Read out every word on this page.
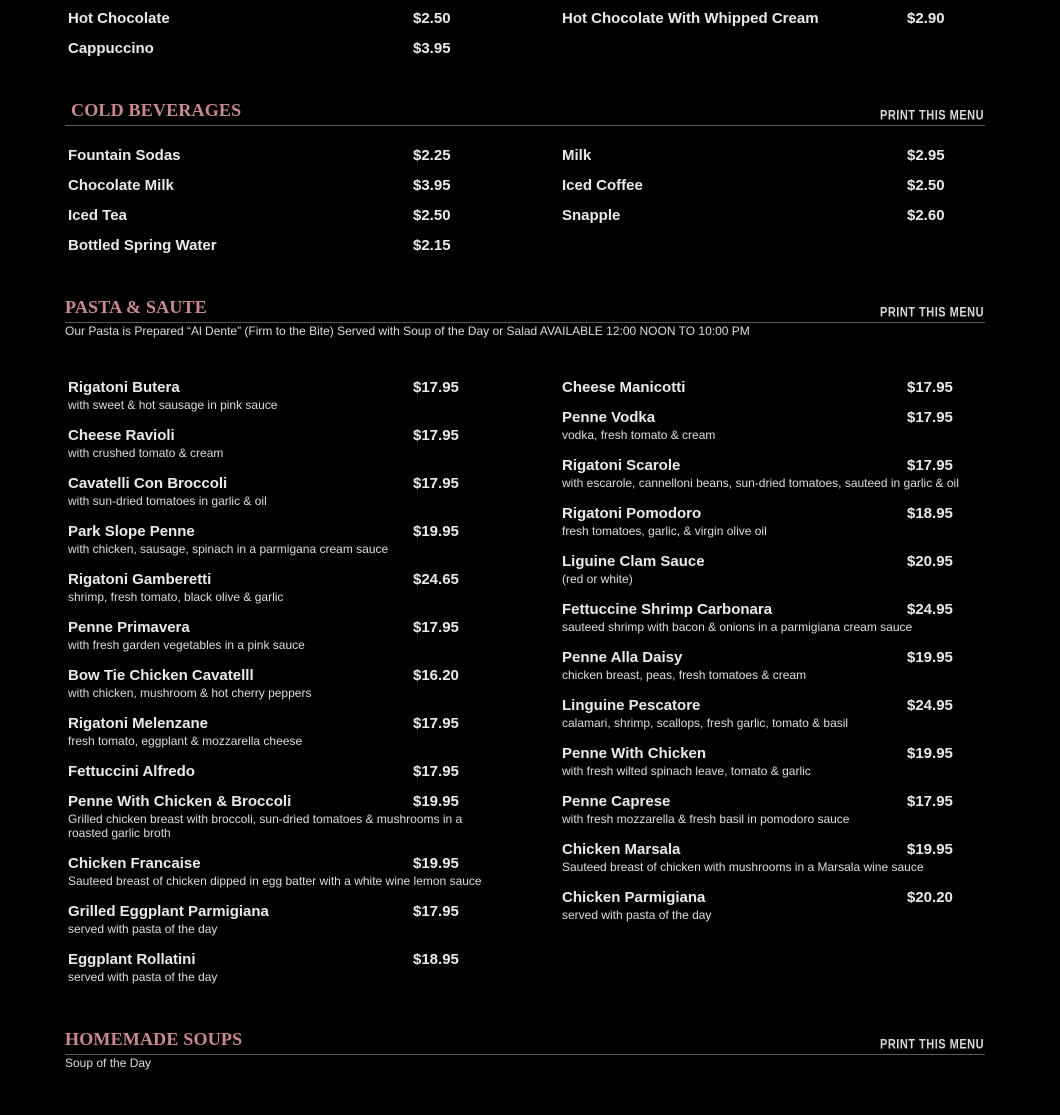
Hot Chocolate	$2.50	Hot Chocolate With Whipped Cream	$2.90
Cappuccino	$3.95
COLD BEVERAGES	PRINT THIS MENU
Fountain Sodas	$2.25	Milk	$2.95
Chocolate Milk	$3.95	Iced Coffee	$2.50
Iced Tea	$2.50	Snapple	$2.60
Bottled Spring Water	$2.15
PASTA & SAUTE	PRINT THIS MENU
Our Pasta is Prepared “Al Dente” (Firm to the Bite) Served with Soup of the Day or Salad AVAILABLE 12:00 NOON TO 10:00 PM
Rigatoni Butera	$17.95
with sweet & hot sausage in pink sauce
Cheese Ravioli	$17.95
with crushed tomato & cream
Cavatelli Con Broccoli	$17.95
with sun-dried tomatoes in garlic & oil
Park Slope Penne	$19.95
with chicken, sausage, spinach in a parmigana cream sauce
Rigatoni Gamberetti	$24.65
shrimp, fresh tomato, black olive & garlic
Penne Primavera	$17.95
with fresh garden vegetables in a pink sauce
Bow Tie Chicken Cavatelll	$16.20
with chicken, mushroom & hot cherry peppers
Rigatoni Melenzane	$17.95
fresh tomato, eggplant & mozzarella cheese
Fettuccini Alfredo	$17.95
Penne With Chicken & Broccoli	$19.95
Grilled chicken breast with broccoli, sun-dried tomatoes & mushrooms in a roasted garlic broth
Chicken Francaise	$19.95
Sauteed breast of chicken dipped in egg batter with a white wine lemon sauce
Grilled Eggplant Parmigiana	$17.95
served with pasta of the day
Eggplant Rollatini	$18.95
served with pasta of the day
Cheese Manicotti	$17.95
Penne Vodka	$17.95
vodka, fresh tomato & cream
Rigatoni Scarole	$17.95
with escarole, cannelloni beans, sun-dried tomatoes, sauteed in garlic & oil
Rigatoni Pomodoro	$18.95
fresh tomatoes, garlic, & virgin olive oil
Liguine Clam Sauce	$20.95
(red or white)
Fettuccine Shrimp Carbonara	$24.95
sauteed shrimp with bacon & onions in a parmigiana cream sauce
Penne Alla Daisy	$19.95
chicken breast, peas, fresh tomatoes & cream
Linguine Pescatore	$24.95
calamari, shrimp, scallops, fresh garlic, tomato & basil
Penne With Chicken	$19.95
with fresh wilted spinach leave, tomato & garlic
Penne Caprese	$17.95
with fresh mozzarella & fresh basil in pomodoro sauce
Chicken Marsala	$19.95
Sauteed breast of chicken with mushrooms in a Marsala wine sauce
Chicken Parmigiana	$20.20
served with pasta of the day
HOMEMADE SOUPS	PRINT THIS MENU
Soup of the Day
